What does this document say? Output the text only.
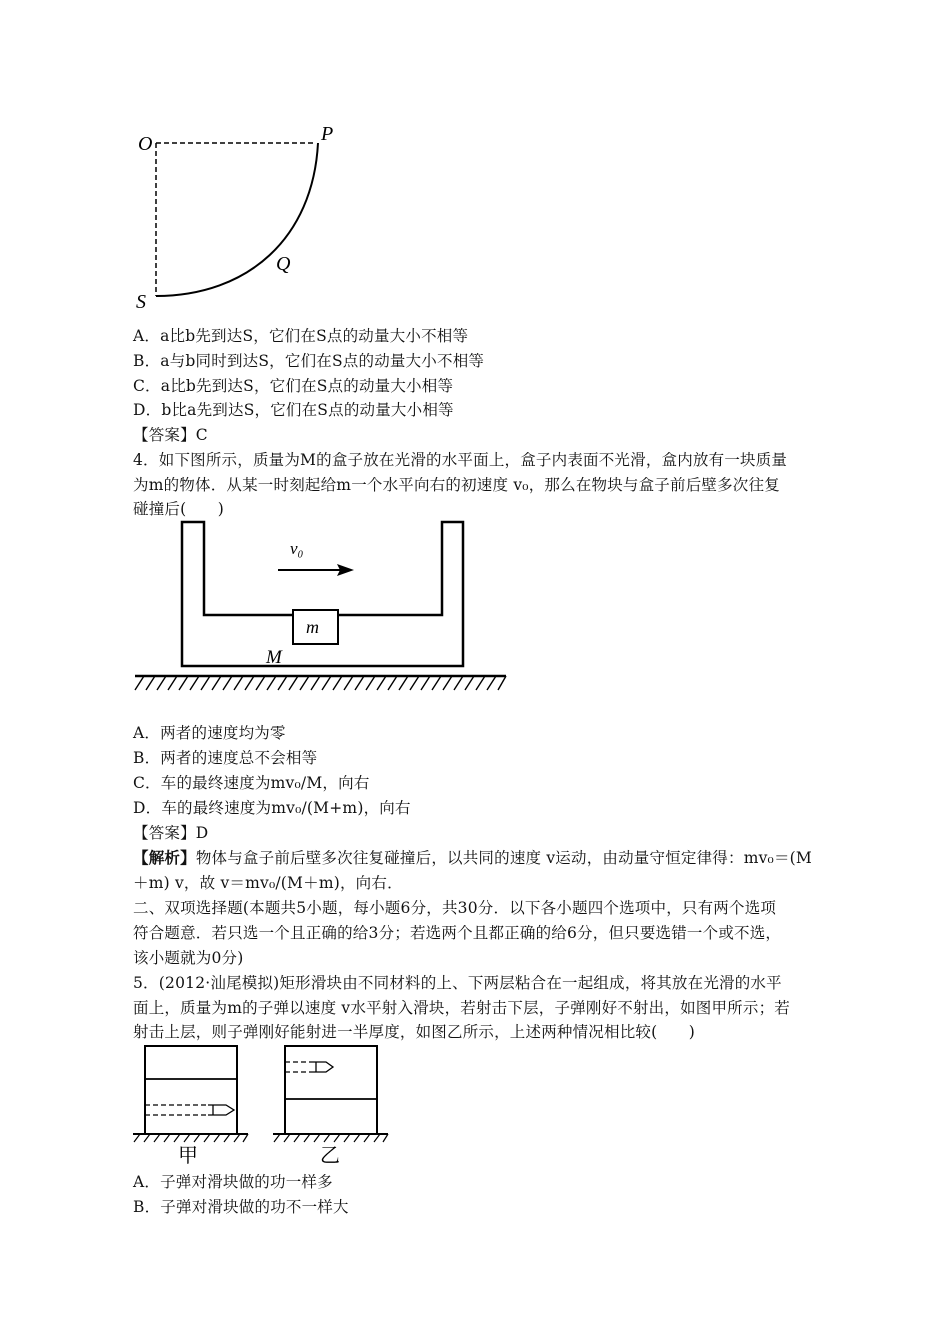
O	P
Q
S
A．a比b先到达S，它们在S点的动量大小不相等
B．a与b同时到达S，它们在S点的动量大小不相等
C．a比b先到达S，它们在S点的动量大小相等
D．b比a先到达S，它们在S点的动量大小相等
【答案】C
4．如下图所示，质量为M的盒子放在光滑的水平面上，盒子内表面不光滑，盒内放有一块质量
为m的物体．从某一时刻起给m一个水平向右的初速度 v₀，那么在物块与盒子前后壁多次往复
碰撞后(　　)
m
M
v₀
A．两者的速度均为零
B．两者的速度总不会相等
C．车的最终速度为mv₀/M，向右
D．车的最终速度为mv₀/(M+m)，向右
【答案】D
【解析】物体与盒子前后壁多次往复碰撞后，以共同的速度 v运动，由动量守恒定律得：mv₀＝(M
＋m) v，故 v＝mv₀/(M＋m)，向右．
二、双项选择题(本题共5小题，每小题6分，共30分．以下各小题四个选项中，只有两个选项
符合题意．若只选一个且正确的给3分；若选两个且都正确的给6分，但只要选错一个或不选，
该小题就为0分)
5．(2012·汕尾模拟)矩形滑块由不同材料的上、下两层粘合在一起组成，将其放在光滑的水平
面上，质量为m的子弹以速度 v水平射入滑块，若射击下层，子弹刚好不射出，如图甲所示；若
射击上层，则子弹刚好能射进一半厚度，如图乙所示，上述两种情况相比较(　　)
甲	乙
A．子弹对滑块做的功一样多
B．子弹对滑块做的功不一样大
